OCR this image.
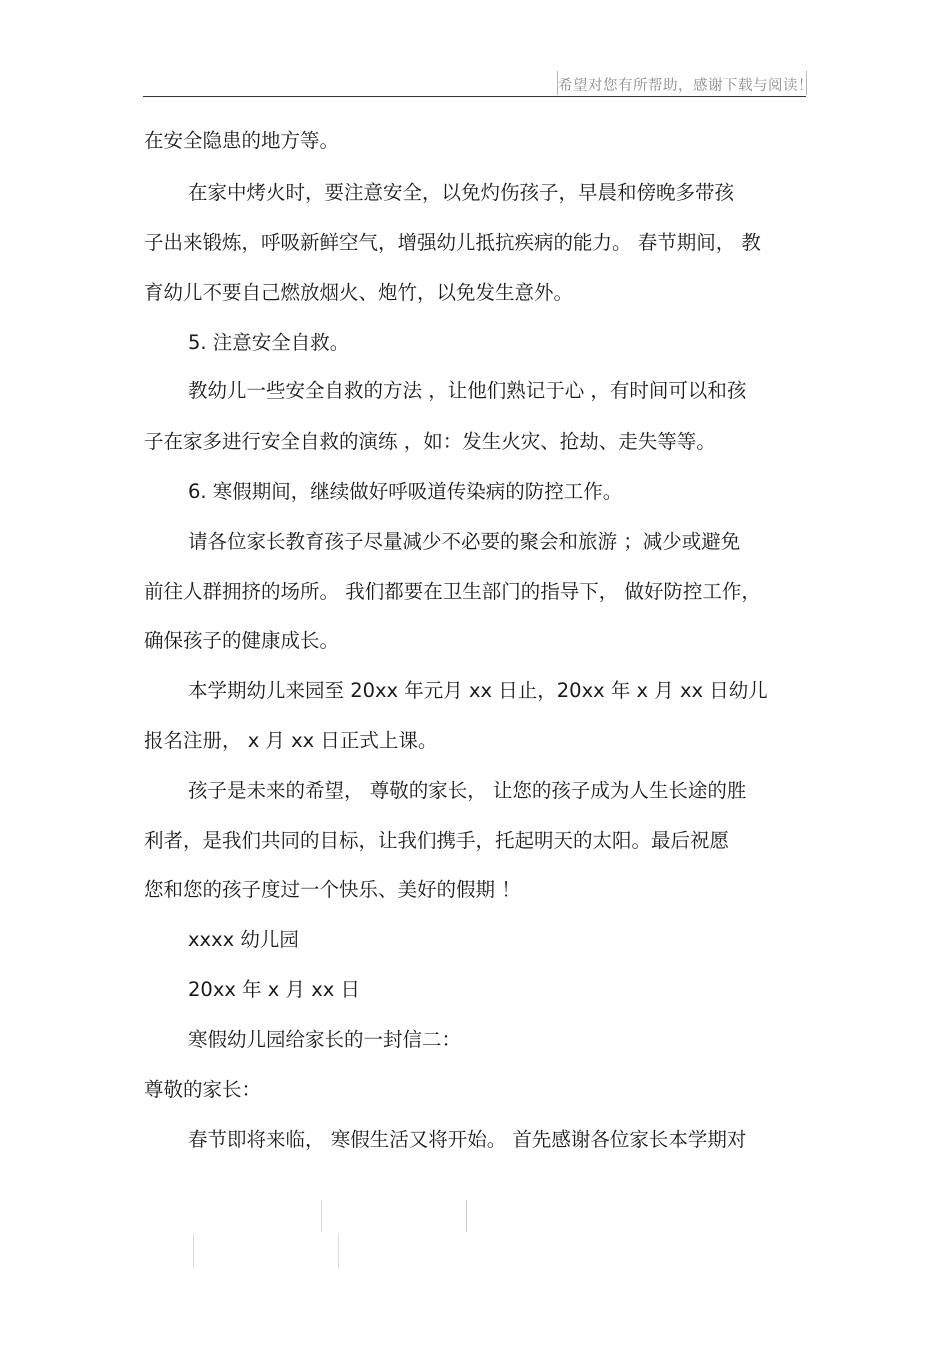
希望对您有所帮助，感谢下载与阅读！
在安全隐患的地方等。
在家中烤火时，要注意安全，以免灼伤孩子，早晨和傍晚多带孩
子出来锻炼，呼吸新鲜空气，增强幼儿抵抗疾病的能力。 春节期间， 教
育幼儿不要自己燃放烟火、炮竹，以免发生意外。
5. 注意安全自救。
教幼儿一些安全自救的方法 ，让他们熟记于心 ，有时间可以和孩
子在家多进行安全自救的演练 ，如：发生火灾、抢劫、走失等等。
6. 寒假期间，继续做好呼吸道传染病的防控工作。
请各位家长教育孩子尽量减少不必要的聚会和旅游 ；减少或避免
前往人群拥挤的场所。 我们都要在卫生部门的指导下， 做好防控工作，
确保孩子的健康成长。
本学期幼儿来园至 20xx 年元月 xx 日止，20xx 年 x 月 xx 日幼儿
报名注册， x 月 xx 日正式上课。
孩子是未来的希望， 尊敬的家长， 让您的孩子成为人生长途的胜
利者，是我们共同的目标，让我们携手，托起明天的太阳。最后祝愿
您和您的孩子度过一个快乐、美好的假期 ！
xxxx 幼儿园
20xx 年 x 月 xx 日
寒假幼儿园给家长的一封信二：
尊敬的家长：
春节即将来临， 寒假生活又将开始。 首先感谢各位家长本学期对
